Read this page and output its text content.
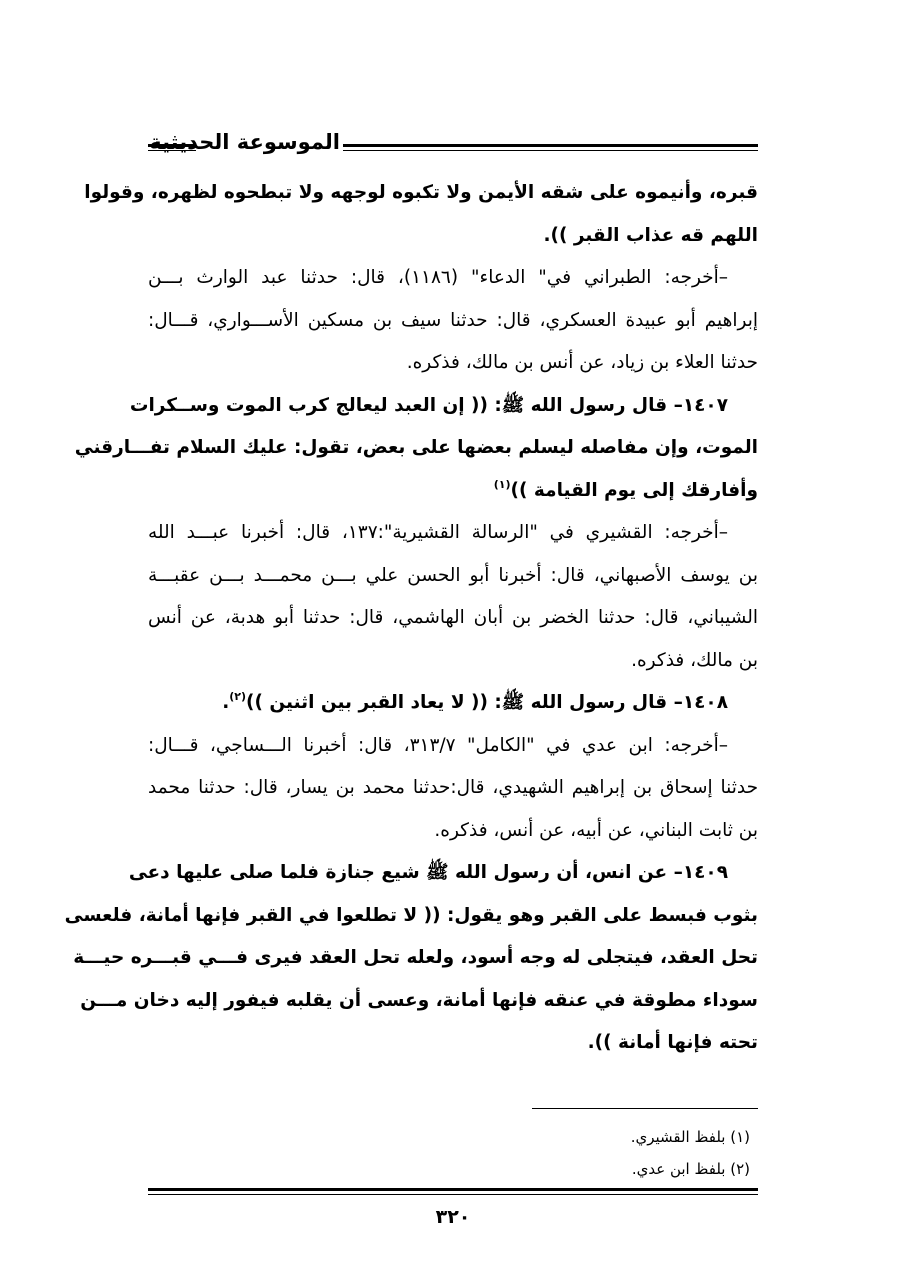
الموسوعة الحديثية
قبره، وأنيموه على شقه الأيمن ولا تكبوه لوجهه ولا تبطحوه لظهره، وقولوا
اللهم قه عذاب القبر )).
–أخرجه: الطبراني في" الدعاء" (١١٨٦)، قال: حدثنا عبد الوارث بـــن
إبراهيم أبو عبيدة العسكري، قال: حدثنا سيف بن مسكين الأســـواري، قـــال:
حدثنا العلاء بن زياد، عن أنس بن مالك، فذكره.
١٤٠٧– قال رسول الله ﷺ: (( إن العبد ليعالج كرب الموت وســكرات
الموت، وإن مفاصله ليسلم بعضها على بعض، تقول: عليك السلام تفـــارقني
وأفارقك إلى يوم القيامة ))$^{(١)}$
–أخرجه: القشيري في "الرسالة القشيرية":١٣٧، قال: أخبرنا عبـــد الله
بن يوسف الأصبهاني، قال: أخبرنا أبو الحسن علي بـــن محمـــد بـــن عقبـــة
الشيباني، قال: حدثنا الخضر بن أبان الهاشمي، قال: حدثنا أبو هدبة، عن أنس
بن مالك، فذكره.
١٤٠٨– قال رسول الله ﷺ: (( لا يعاد القبر بين اثنين ))$^{(٢)}$.
–أخرجه: ابن عدي في "الكامل" ٣١٣/٧، قال: أخبرنا الـــساجي، قـــال:
حدثنا إسحاق بن إبراهيم الشهيدي، قال:حدثنا محمد بن يسار، قال: حدثنا محمد
بن ثابت البناني، عن أبيه، عن أنس، فذكره.
١٤٠٩– عن انس، أن رسول الله ﷺ شيع جنازة فلما صلى عليها دعى
بثوب فبسط على القبر وهو يقول: (( لا تطلعوا في القبر فإنها أمانة، فلعسى
تحل العقد، فيتجلى له وجه أسود، ولعله تحل العقد فيرى فـــي قبـــره حيـــة
سوداء مطوقة في عنقه فإنها أمانة، وعسى أن يقلبه فيفور إليه دخان مـــن
تحته فإنها أمانة )).
(١) بلفظ القشيري.
(٢) بلفظ ابن عدي.
٣٢٠
